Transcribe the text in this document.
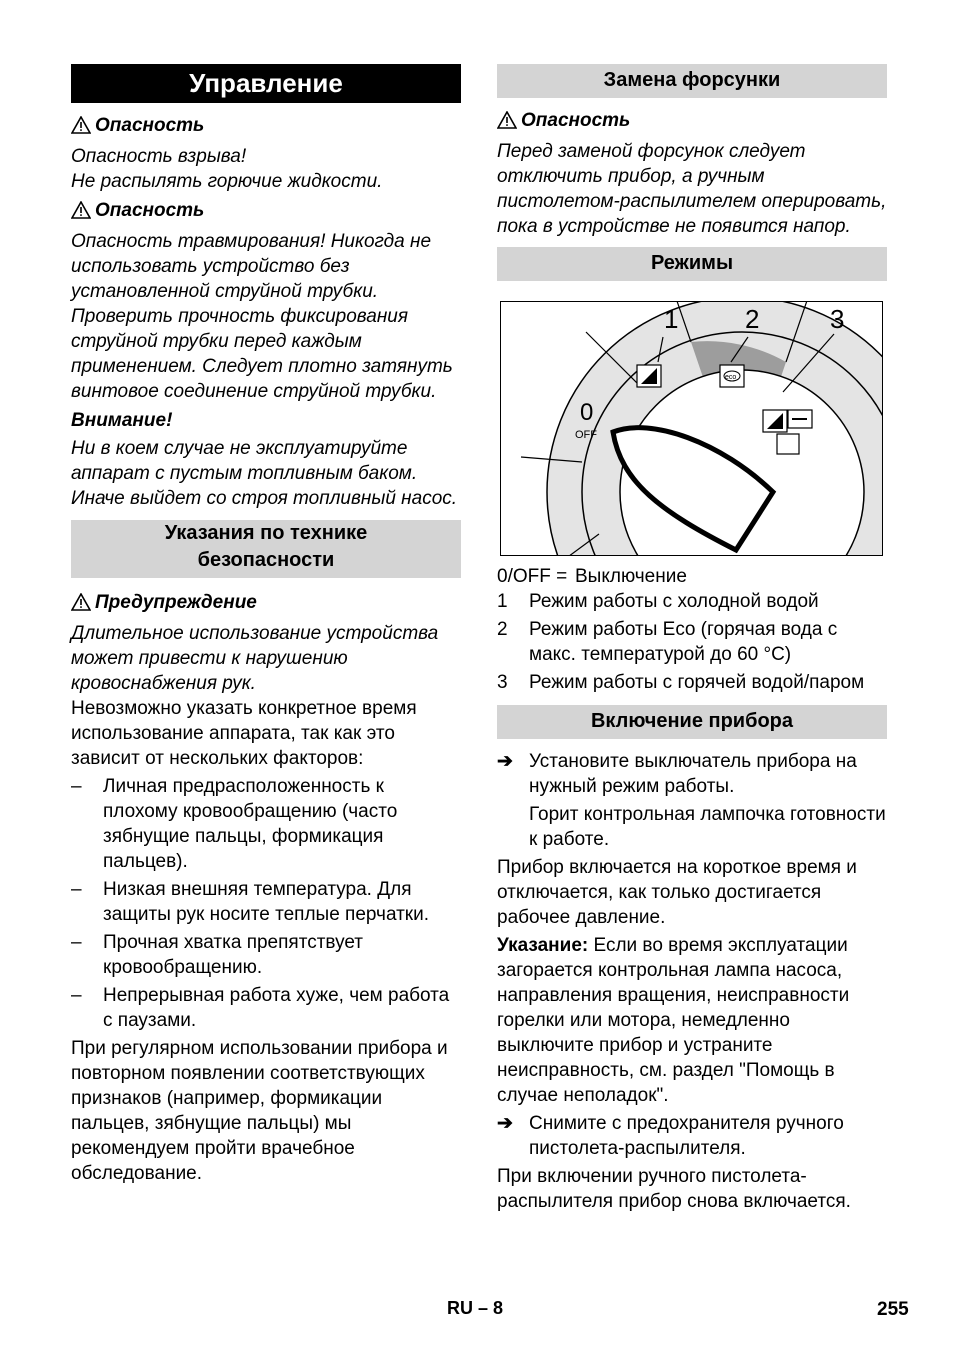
Управление
Опасность

Опасность взрыва!

Не распылять горючие жидкости.

Опасность

Опасность травмирования! Никогда не использовать устройство без установленной струйной трубки. Проверить прочность фиксирования струйной трубки перед каждым применением. Следует плотно затянуть винтовое соединение струйной трубки.

Внимание!

Ни в коем случае не эксплуатируйте аппарат с пустым топливным баком. Иначе выйдет со строя топливный насос.

Указания по технике безопасности
Предупреждение

Длительное использование устройства может привести к нарушению кровоснабжения рук.

Невозможно указать конкретное время использование аппарата, так как это зависит от нескольких факторов:

– Личная предрасположенность к плохому кровообращению (часто зябнущие пальцы, формикация пальцев).
– Низкая внешняя температура. Для защиты рук носите теплые перчатки.
– Прочная хватка препятствует кровообращению.
– Непрерывная работа хуже, чем работа с паузами.

При регулярном использовании прибора и повторном появлении соответствующих признаков (например, формикации пальцев, зябнущие пальцы) мы рекомендуем пройти врачебное обследование.

Замена форсунки
Опасность

Перед заменой форсунок следует отключить прибор, а ручным пистолетом-распылителем оперировать, пока в устройстве не появится напор.

Режимы
1	2	3
0
OFF
eco
0/OFF = Выключение
1 Режим работы с холодной водой
2 Режим работы Eco (горячая вода с макс. температурой до 60 °C)
3 Режим работы с горячей водой/паром
Включение прибора
➔ Установите выключатель прибора на нужный режим работы.

Горит контрольная лампочка готовности к работе.

Прибор включается на короткое время и отключается, как только достигается рабочее давление.

Указание: Если во время эксплуатации загорается контрольная лампа насоса, направления вращения, неисправности горелки или мотора, немедленно выключите прибор и устраните неисправность, см. раздел "Помощь в случае неполадок".

➔ Снимите с предохранителя ручного пистолета-распылителя.

При включении ручного пистолета-распылителя прибор снова включается.

RU – 8	255
